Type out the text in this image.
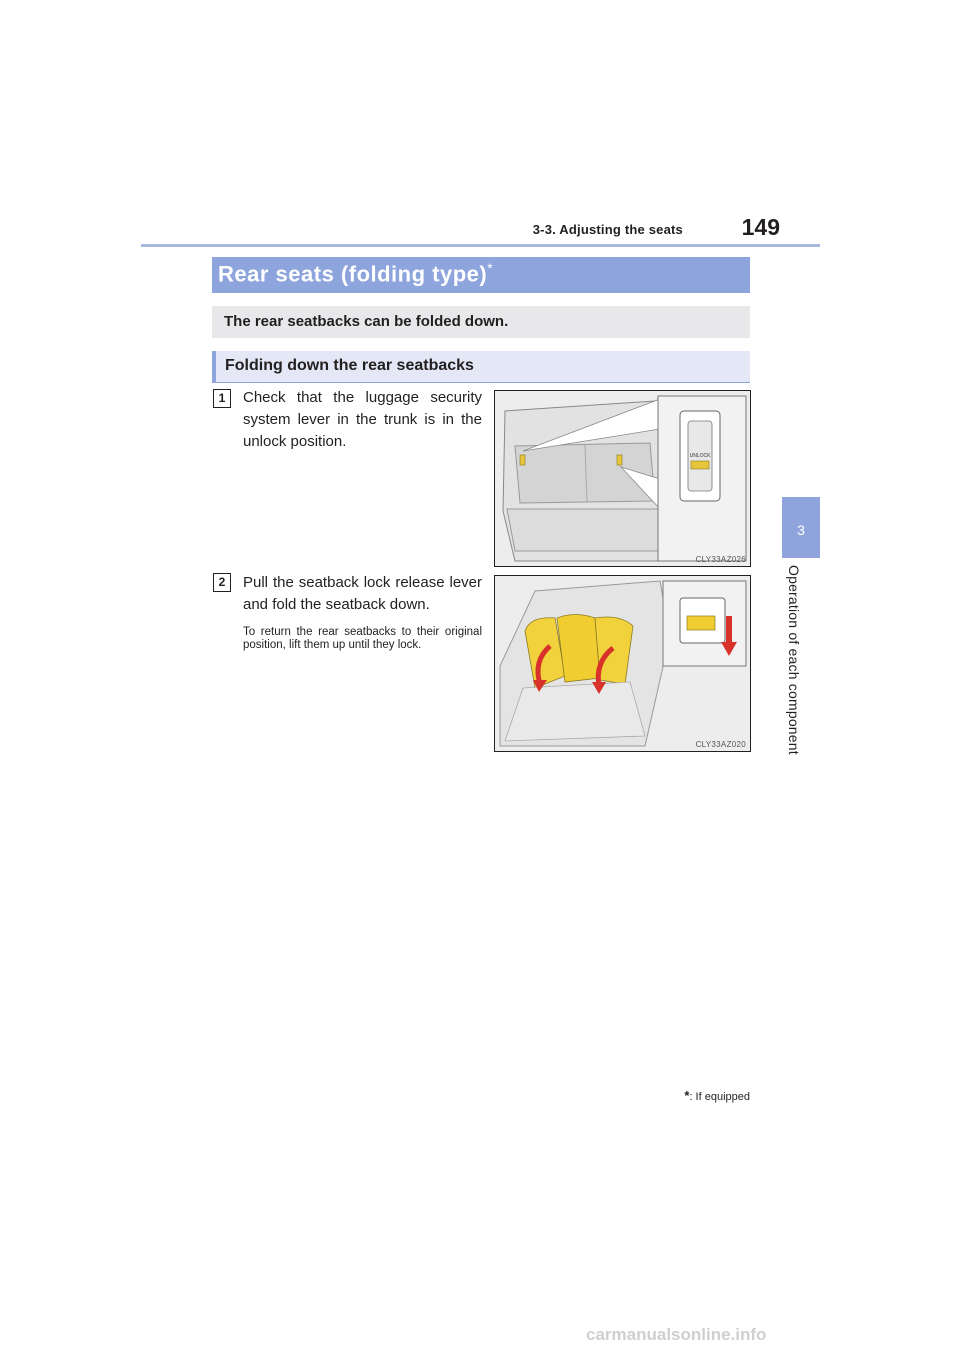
3-3. Adjusting the seats	149
3
Operation of each component
Rear seats (folding type)*
The rear seatbacks can be folded down.
Folding down the rear seatbacks
1	Check that the luggage security system lever in the trunk is in the unlock position.
UNLOCK
CLY33AZ026
2	Pull the seatback lock release lever and fold the seatback down.
To return the rear seatbacks to their original position, lift them up until they lock.
CLY33AZ020
*: If equipped
carmanualsonline.info
